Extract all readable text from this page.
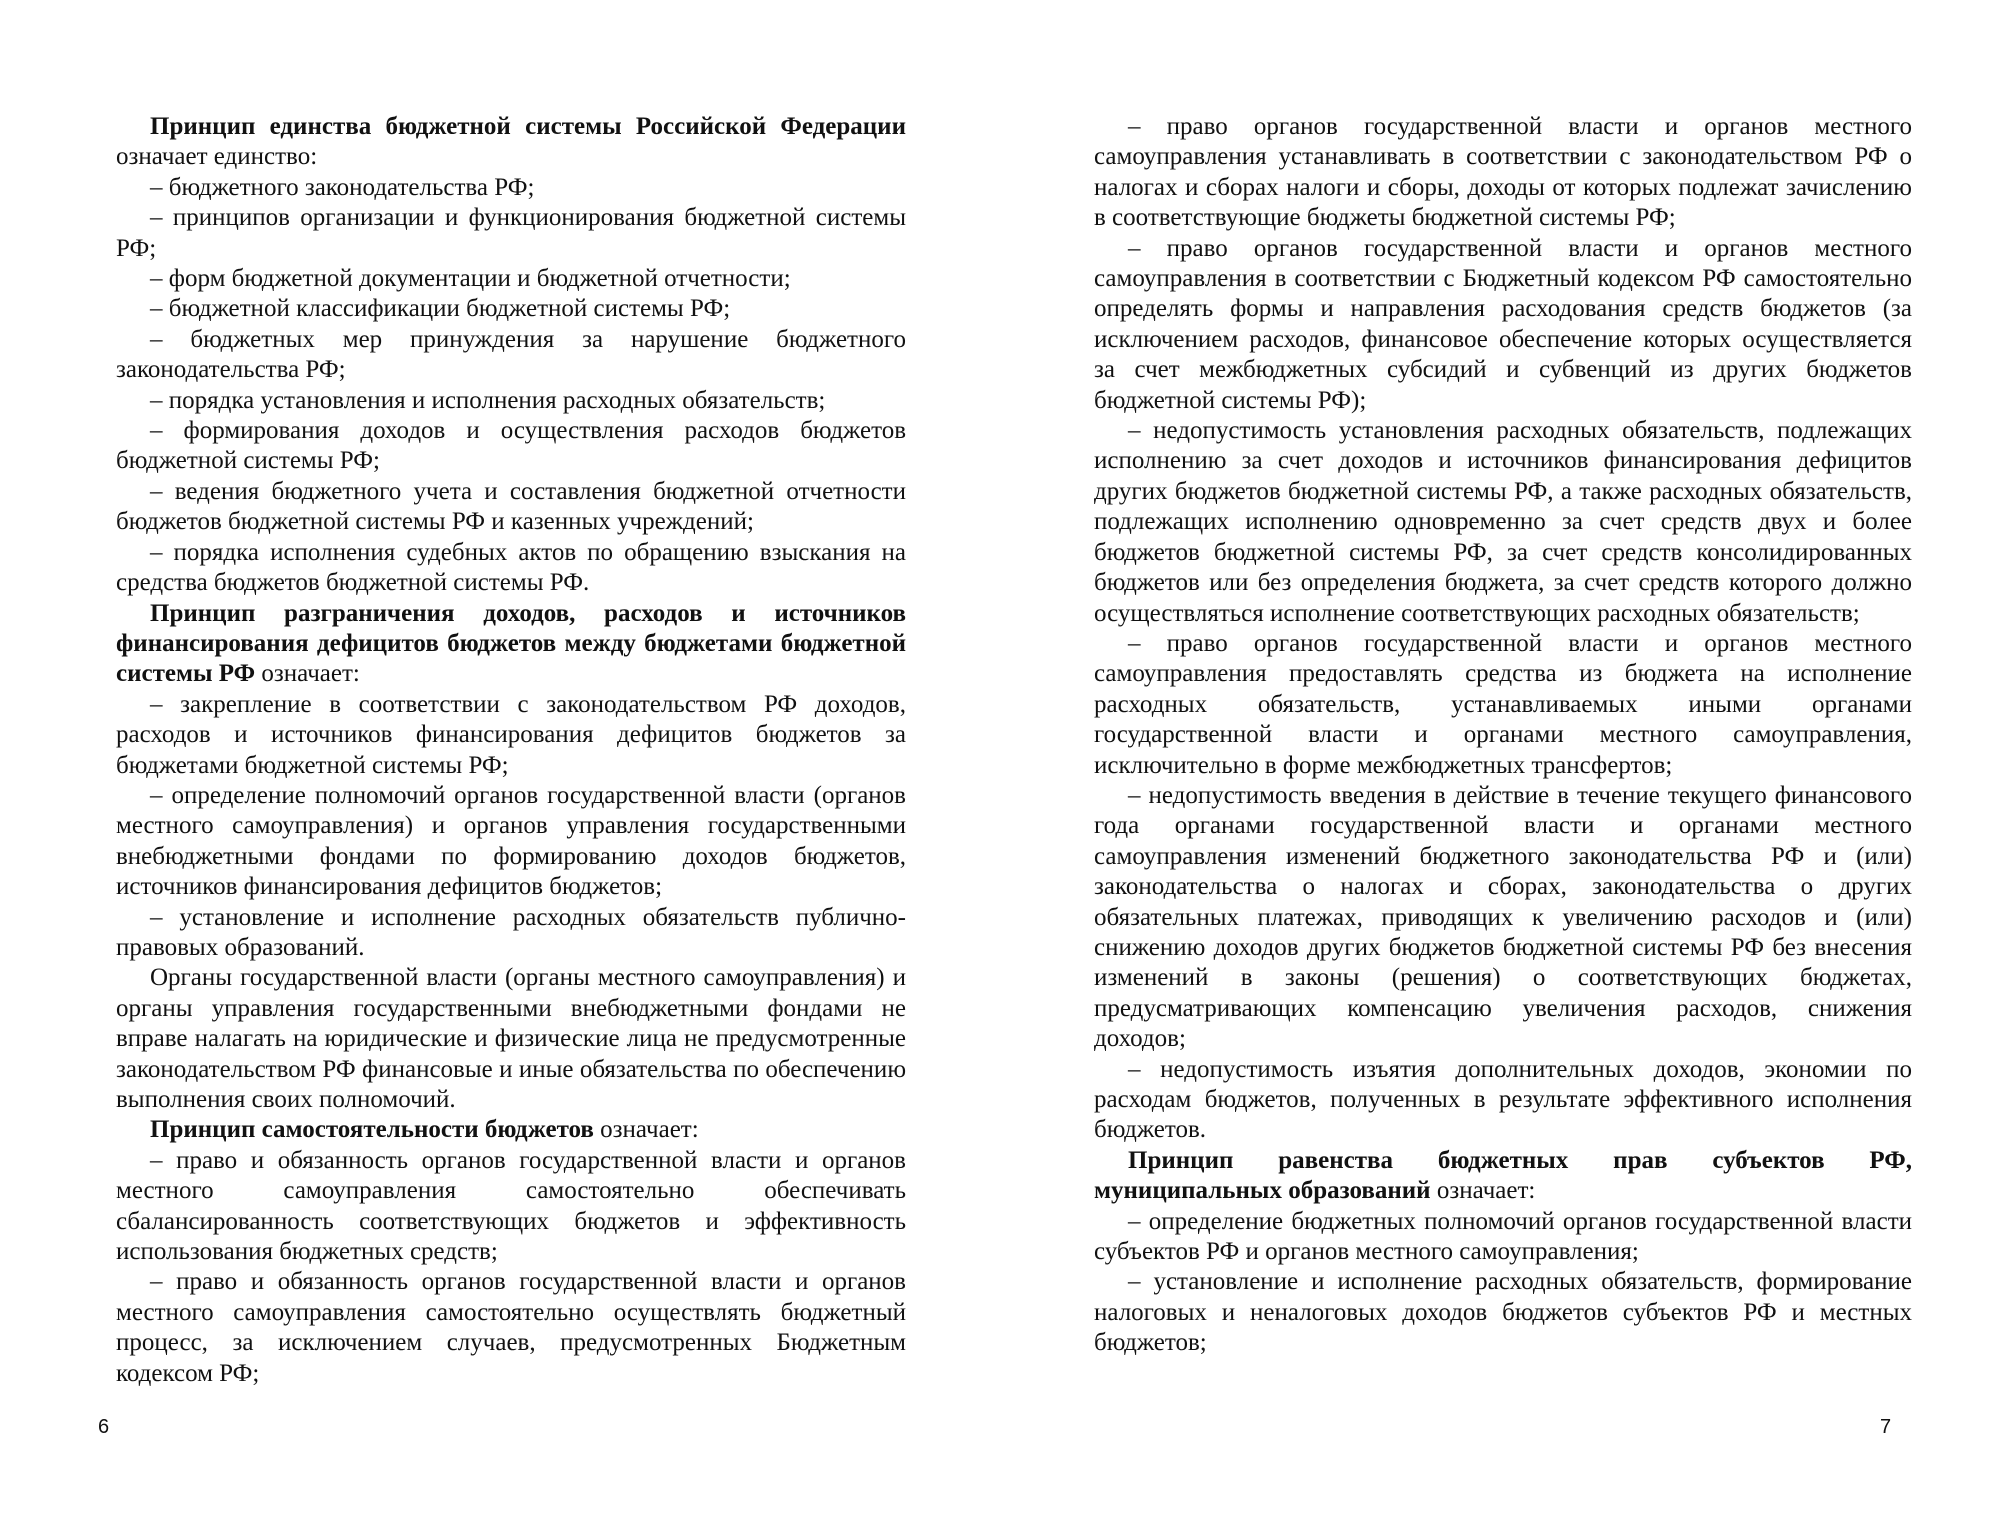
Принцип единства бюджетной системы Российской Федерации означает единство:

– бюджетного законодательства РФ;

– принципов организации и функционирования бюджетной системы РФ;

– форм бюджетной документации и бюджетной отчетности;

– бюджетной классификации бюджетной системы РФ;

– бюджетных мер принуждения за нарушение бюджетного законодательства РФ;

– порядка установления и исполнения расходных обязательств;

– формирования доходов и осуществления расходов бюджетов бюджетной системы РФ;

– ведения бюджетного учета и составления бюджетной отчетности бюджетов бюджетной системы РФ и казенных учреждений;

– порядка исполнения судебных актов по обращению взыскания на средства бюджетов бюджетной системы РФ.

Принцип разграничения доходов, расходов и источников финансирования дефицитов бюджетов между бюджетами бюджетной системы РФ означает:

– закрепление в соответствии с законодательством РФ доходов, расходов и источников финансирования дефицитов бюджетов за бюджетами бюджетной системы РФ;

– определение полномочий органов государственной власти (органов местного самоуправления) и органов управления государственными внебюджетными фондами по формированию доходов бюджетов, источников финансирования дефицитов бюджетов;

– установление и исполнение расходных обязательств публично-правовых образований.

Органы государственной власти (органы местного самоуправления) и органы управления государственными внебюджетными фондами не вправе налагать на юридические и физические лица не предусмотренные законодательством РФ финансовые и иные обязательства по обеспечению выполнения своих полномочий.

Принцип самостоятельности бюджетов означает:

– право и обязанность органов государственной власти и органов местного самоуправления самостоятельно обеспечивать сбалансированность соответствующих бюджетов и эффективность использования бюджетных средств;

– право и обязанность органов государственной власти и органов местного самоуправления самостоятельно осуществлять бюджетный процесс, за исключением случаев, предусмотренных Бюджетным кодексом РФ;

6

– право органов государственной власти и органов местного самоуправления устанавливать в соответствии с законодательством РФ о налогах и сборах налоги и сборы, доходы от которых подлежат зачислению в соответствующие бюджеты бюджетной системы РФ;

– право органов государственной власти и органов местного самоуправления в соответствии с Бюджетный кодексом РФ самостоятельно определять формы и направления расходования средств бюджетов (за исключением расходов, финансовое обеспечение которых осуществляется за счет межбюджетных субсидий и субвенций из других бюджетов бюджетной системы РФ);

– недопустимость установления расходных обязательств, подлежащих исполнению за счет доходов и источников финансирования дефицитов других бюджетов бюджетной системы РФ, а также расходных обязательств, подлежащих исполнению одновременно за счет средств двух и более бюджетов бюджетной системы РФ, за счет средств консолидированных бюджетов или без определения бюджета, за счет средств которого должно осуществляться исполнение соответствующих расходных обязательств;

– право органов государственной власти и органов местного самоуправления предоставлять средства из бюджета на исполнение расходных обязательств, устанавливаемых иными органами государственной власти и органами местного самоуправления, исключительно в форме межбюджетных трансфертов;

– недопустимость введения в действие в течение текущего финансового года органами государственной власти и органами местного самоуправления изменений бюджетного законодательства РФ и (или) законодательства о налогах и сборах, законодательства о других обязательных платежах, приводящих к увеличению расходов и (или) снижению доходов других бюджетов бюджетной системы РФ без внесения изменений в законы (решения) о соответствующих бюджетах, предусматривающих компенсацию увеличения расходов, снижения доходов;

– недопустимость изъятия дополнительных доходов, экономии по расходам бюджетов, полученных в результате эффективного исполнения бюджетов.

Принцип равенства бюджетных прав субъектов РФ, муниципальных образований означает:

– определение бюджетных полномочий органов государственной власти субъектов РФ и органов местного самоуправления;

– установление и исполнение расходных обязательств, формирование налоговых и неналоговых доходов бюджетов субъектов РФ и местных бюджетов;

7
